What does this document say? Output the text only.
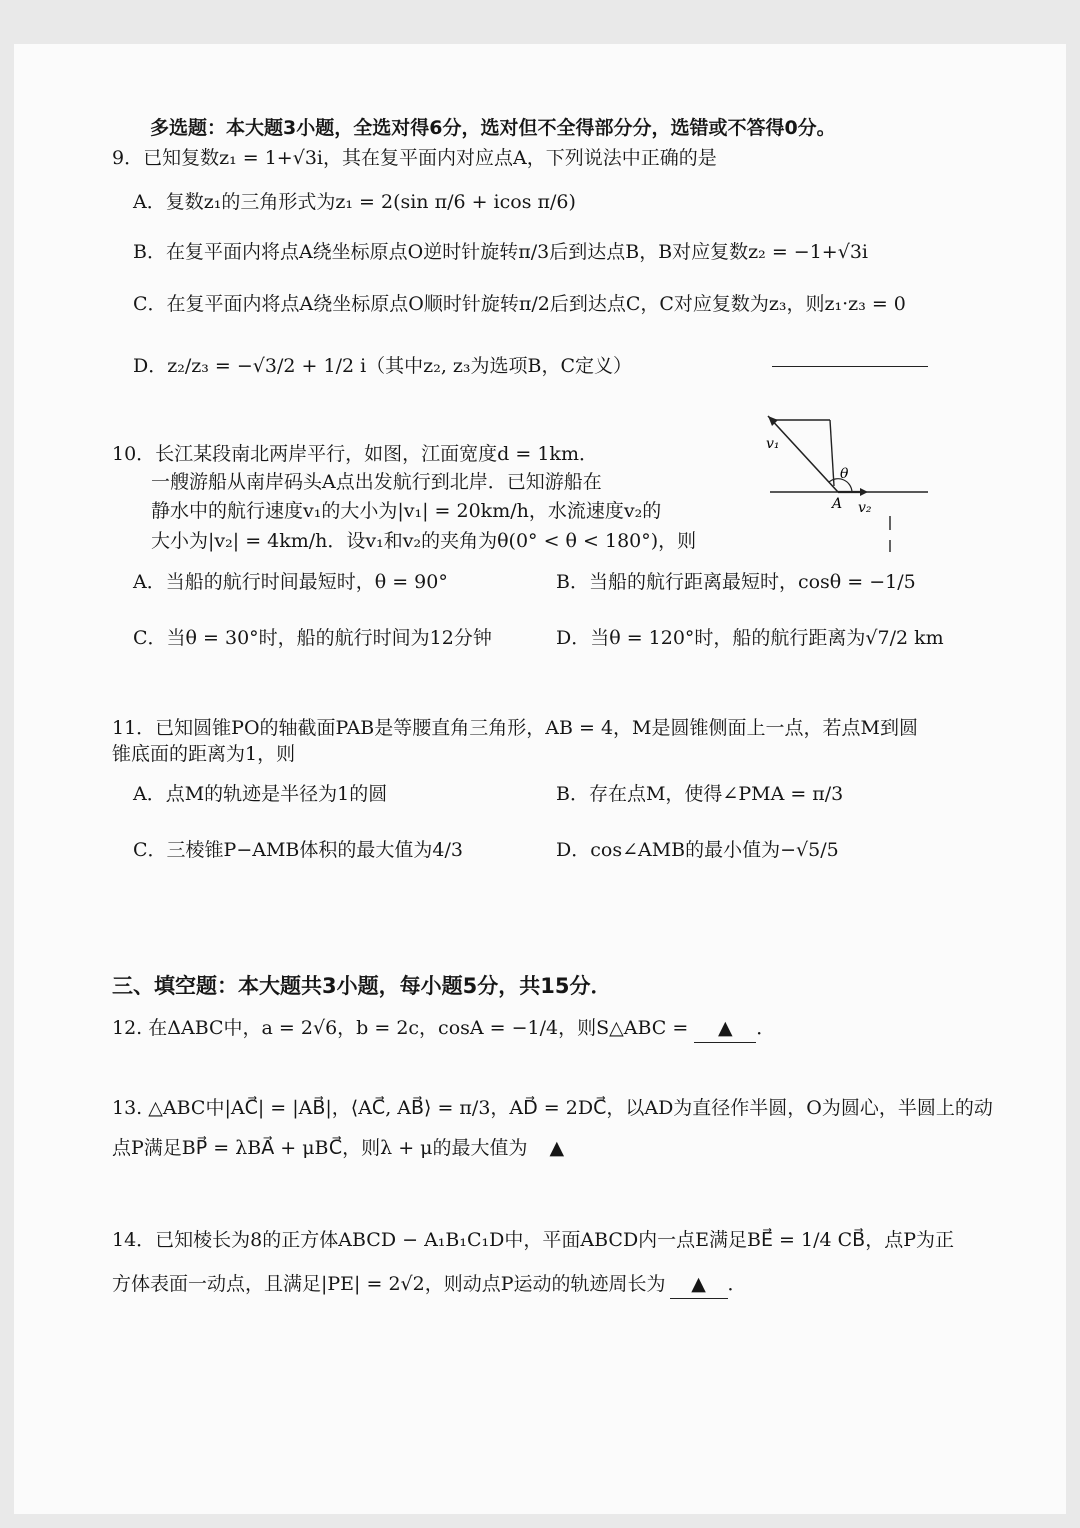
多选题：本大题3小题，全选对得6分，选对但不全得部分分，选错或不答得0分。
9．已知复数z₁ = 1+√3i，其在复平面内对应点A，下列说法中正确的是
A．复数z₁的三角形式为z₁ = 2(sin π/6 + icos π/6)
B．在复平面内将点A绕坐标原点O逆时针旋转π/3后到达点B，B对应复数z₂ = −1+√3i
C．在复平面内将点A绕坐标原点O顺时针旋转π/2后到达点C，C对应复数为z₃，则z₁·z₃ = 0
D．z₂/z₃ = −√3/2 + 1/2 i（其中z₂, z₃为选项B，C定义）
10．长江某段南北两岸平行，如图，江面宽度d = 1km．
一艘游船从南岸码头A点出发航行到北岸．已知游船在
静水中的航行速度v₁的大小为|v₁| = 20km/h，水流速度v₂的
大小为|v₂| = 4km/h．设v₁和v₂的夹角为θ(0° < θ < 180°)，则
A．当船的航行时间最短时，θ = 90°	B．当船的航行距离最短时，cosθ = −1/5
C．当θ = 30°时，船的航行时间为12分钟	D．当θ = 120°时，船的航行距离为√7/2 km
v₁
θ
A v₂
11．已知圆锥PO的轴截面PAB是等腰直角三角形，AB = 4，M是圆锥侧面上一点，若点M到圆
锥底面的距离为1，则
A．点M的轨迹是半径为1的圆	B．存在点M，使得∠PMA = π/3
C．三棱锥P−AMB体积的最大值为4/3	D．cos∠AMB的最小值为−√5/5
三、填空题：本大题共3小题，每小题5分，共15分．
12. 在ΔABC中，a = 2√6，b = 2c，cosA = −1/4，则S△ABC = ▲ ．
13. △ABC中|AC⃗| = |AB⃗|，⟨AC⃗, AB⃗⟩ = π/3，AD⃗ = 2DC⃗，以AD为直径作半圆，O为圆心，半圆上的动
点P满足BP⃗ = λBA⃗ + μBC⃗，则λ + μ的最大值为 ▲
14．已知棱长为8的正方体ABCD − A₁B₁C₁D中，平面ABCD内一点E满足BE⃗ = 1/4 CB⃗，点P为正
方体表面一动点，且满足|PE| = 2√2，则动点P运动的轨迹周长为 ▲ ．
